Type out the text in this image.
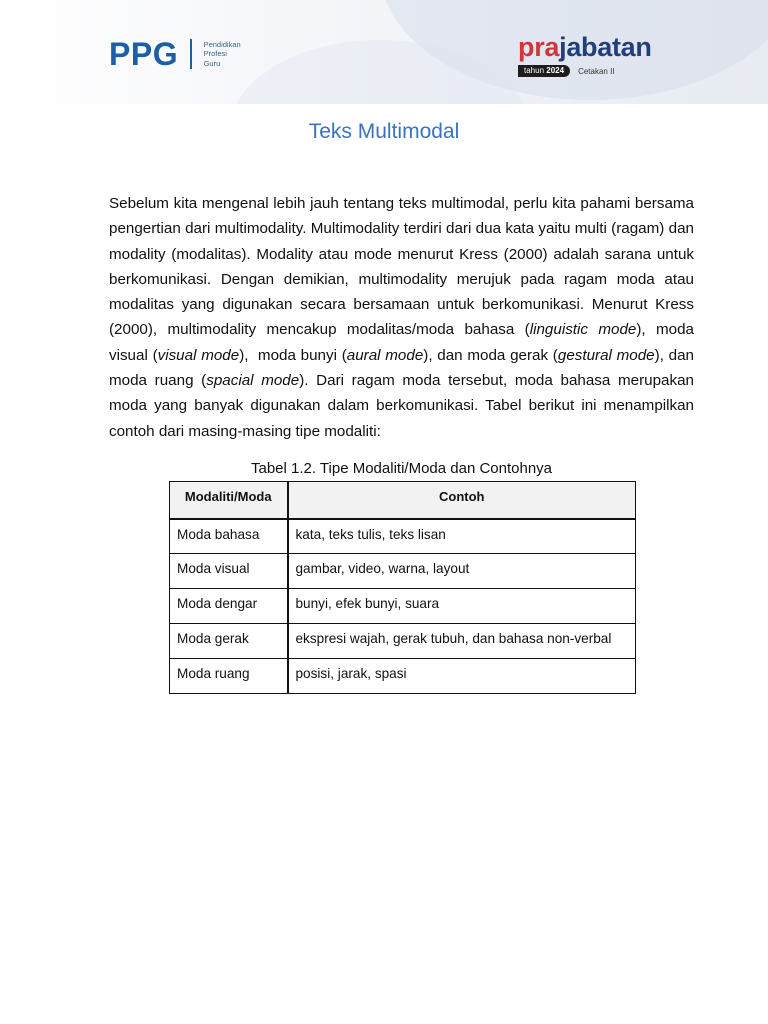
PPG	Pendidikan
Profesi
Guru
prajabatan
tahun 2024	Cetakan II
Teks Multimodal

Sebelum kita mengenal lebih jauh tentang teks multimodal, perlu kita pahami bersama pengertian dari multimodality. Multimodality terdiri dari dua kata yaitu multi (ragam) dan modality (modalitas). Modality atau mode menurut Kress (2000) adalah sarana untuk berkomunikasi. Dengan demikian, multimodality merujuk pada ragam moda atau modalitas yang digunakan secara bersamaan untuk berkomunikasi. Menurut Kress (2000), multimodality mencakup modalitas/moda bahasa (linguistic mode), moda visual (visual mode),  moda bunyi (aural mode), dan moda gerak (gestural mode), dan moda ruang (spacial mode). Dari ragam moda tersebut, moda bahasa merupakan moda yang banyak digunakan dalam berkomunikasi. Tabel berikut ini menampilkan contoh dari masing-masing tipe modaliti:

Tabel 1.2. Tipe Modaliti/Moda dan Contohnya
Modaliti/Moda	Contoh
Moda bahasa	kata, teks tulis, teks lisan
Moda visual	gambar, video, warna, layout
Moda dengar	bunyi, efek bunyi, suara
Moda gerak	ekspresi wajah, gerak tubuh, dan bahasa non-verbal
Moda ruang	posisi, jarak, spasi
